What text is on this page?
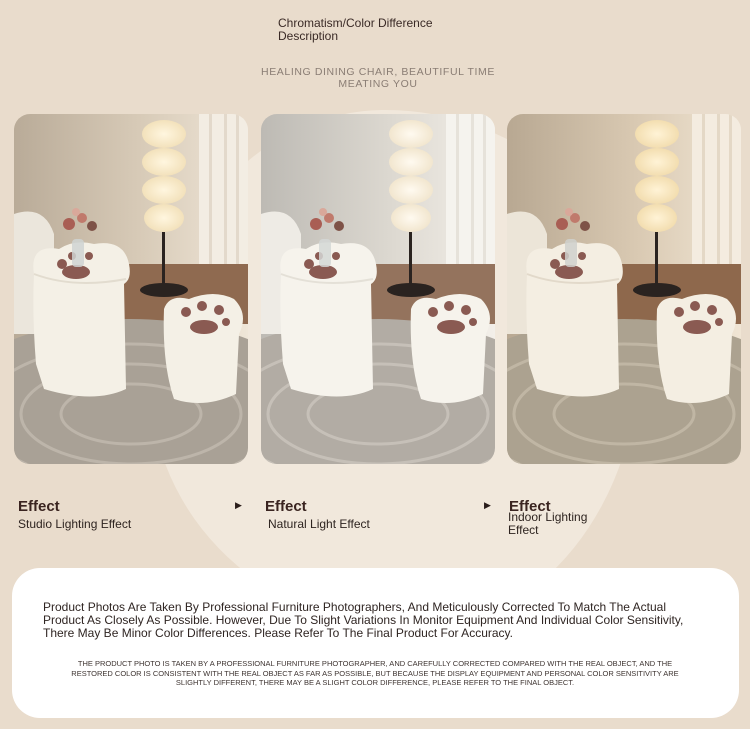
Chromatism/Color Difference Description
HEALING DINING CHAIR, BEAUTIFUL TIME MEATING YOU
Effect
Studio Lighting Effect
▶ Effect
Natural Light Effect
▶ Effect
Indoor Lighting Effect
Product Photos Are Taken By Professional Furniture Photographers, And Meticulously Corrected To Match The Actual Product As Closely As Possible. However, Due To Slight Variations In Monitor Equipment And Individual Color Sensitivity, There May Be Minor Color Differences. Please Refer To The Final Product For Accuracy.
THE PRODUCT PHOTO IS TAKEN BY A PROFESSIONAL FURNITURE PHOTOGRAPHER, AND CAREFULLY CORRECTED COMPARED WITH THE REAL OBJECT, AND THE RESTORED COLOR IS CONSISTENT WITH THE REAL OBJECT AS FAR AS POSSIBLE, BUT BECAUSE THE DISPLAY EQUIPMENT AND PERSONAL COLOR SENSITIVITY ARE SLIGHTLY DIFFERENT, THERE MAY BE A SLIGHT COLOR DIFFERENCE, PLEASE REFER TO THE FINAL OBJECT.
